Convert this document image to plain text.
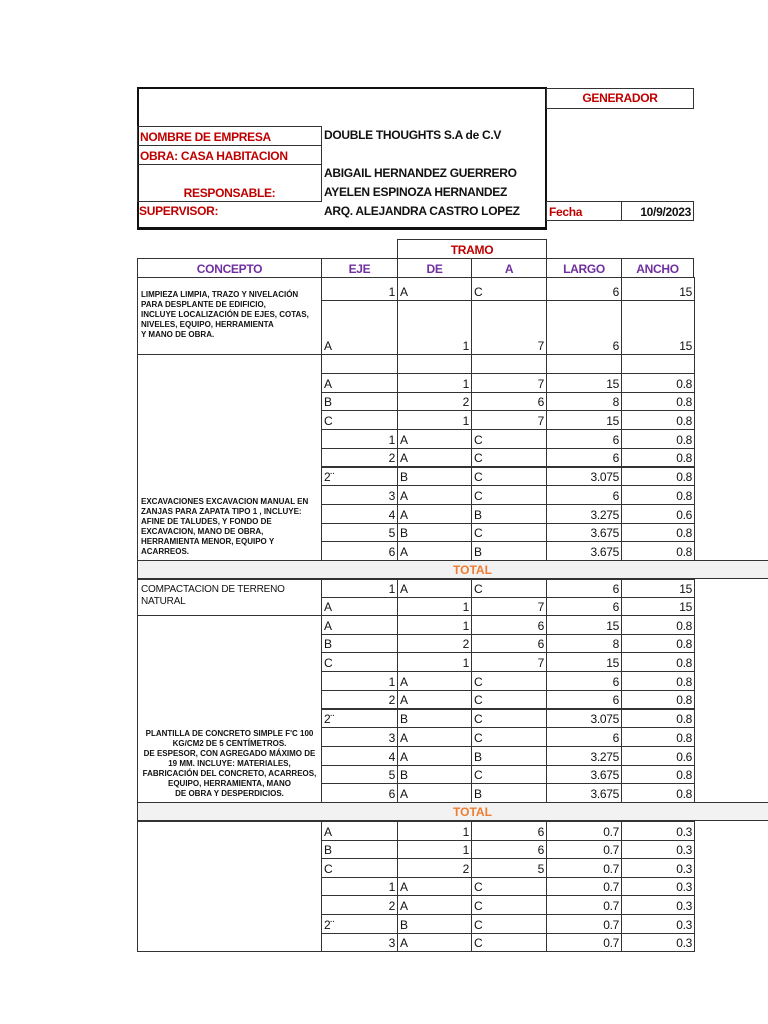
GENERADOR
NOMBRE DE EMPRESA	DOUBLE THOUGHTS S.A de C.V
OBRA: CASA HABITACION
RESPONSABLE:
ABIGAIL HERNANDEZ GUERRERO
AYELEN ESPINOZA HERNANDEZ
SUPERVISOR:	ARQ. ALEJANDRA CASTRO LOPEZ Fecha	10/9/2023
TRAMO
CONCEPTO	EJE	DE	A	LARGO	ANCHO
LIMPIEZA LIMPIA, TRAZO Y NIVELACIÓN
PARA DESPLANTE DE EDIFICIO,
INCLUYE LOCALIZACIÓN DE EJES, COTAS,
NIVELES, EQUIPO, HERRAMIENTA
Y MANO DE OBRA.
1 A	C	6	15
A	1	7	6	15
EXCAVACIONES EXCAVACION MANUAL EN
ZANJAS PARA ZAPATA TIPO 1 , INCLUYE:
AFINE DE TALUDES, Y FONDO DE
EXCAVACION, MANO DE OBRA,
HERRAMIENTA MENOR, EQUIPO Y
ACARREOS.
A	1	7	15	0.8
B	2	6	8	0.8
C	1	7	15	0.8
1 A	C	6	0.8
2 A	C	6	0.8
2¨	B	C	3.075	0.8
3 A	C	6	0.8
4 A	B	3.275	0.6
5 B	C	3.675	0.8
6 A	B	3.675	0.8
TOTAL
COMPACTACION DE TERRENO NATURAL
1 A	C	6	15
A	1	7	6	15
PLANTILLA DE CONCRETO SIMPLE F'C 100
KG/CM2 DE 5 CENTÍMETROS.
DE ESPESOR, CON AGREGADO MÁXIMO DE
19 MM. INCLUYE: MATERIALES,
FABRICACIÓN DEL CONCRETO, ACARREOS,
EQUIPO, HERRAMIENTA, MANO
DE OBRA Y DESPERDICIOS.
A	1	6	15	0.8
B	2	6	8	0.8
C	1	7	15	0.8
1 A	C	6	0.8
2 A	C	6	0.8
2¨	B	C	3.075	0.8
3 A	C	6	0.8
4 A	B	3.275	0.6
5 B	C	3.675	0.8
6 A	B	3.675	0.8
TOTAL
A	1	6	0.7	0.3
B	1	6	0.7	0.3
C	2	5	0.7	0.3
1 A	C	0.7	0.3
2 A	C	0.7	0.3
2¨	B	C	0.7	0.3
3 A	C	0.7	0.3
